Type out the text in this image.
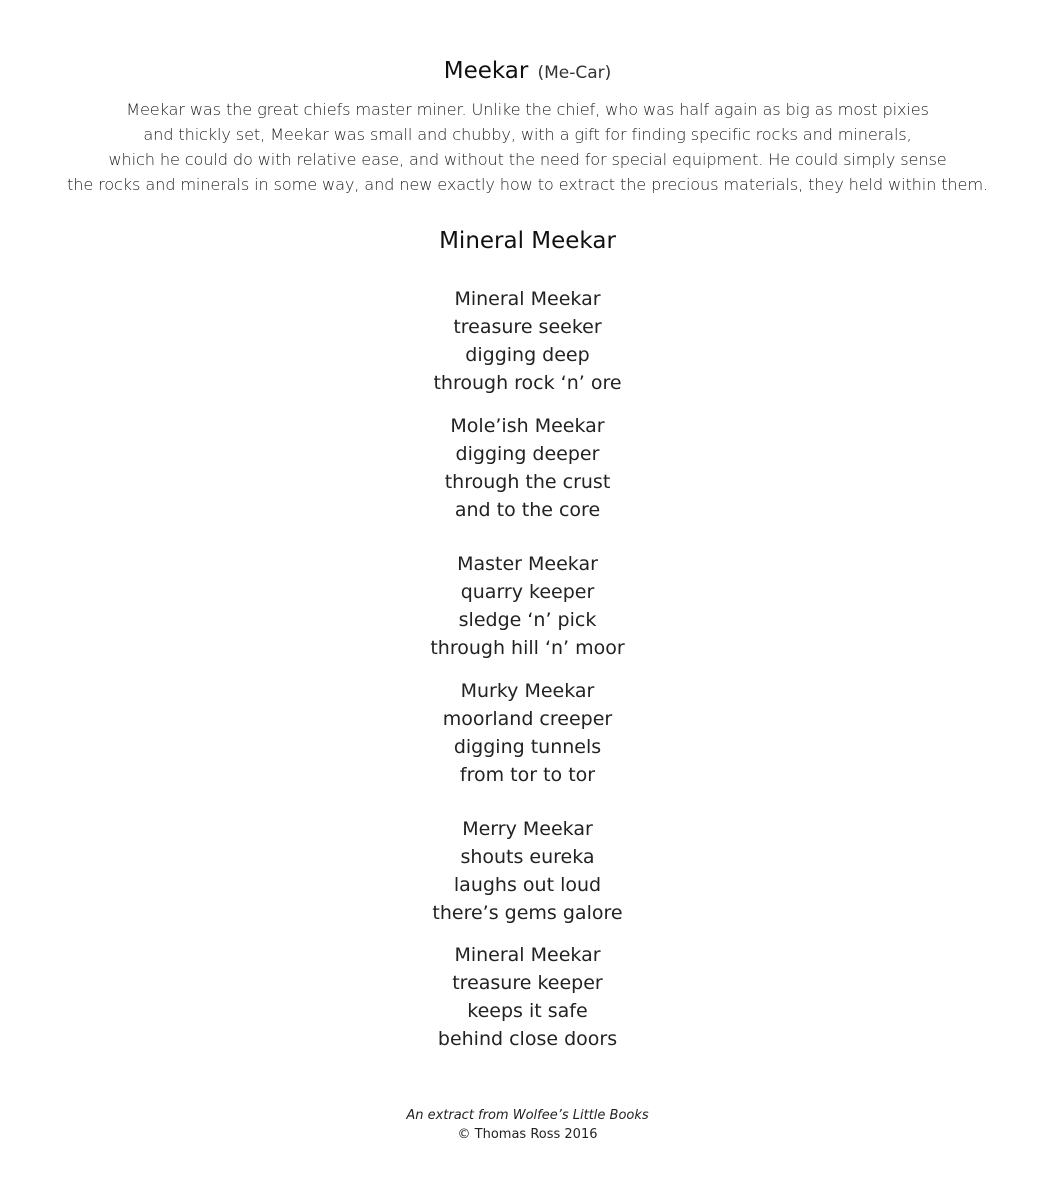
Meekar (Me-Car)
Meekar was the great chiefs master miner. Unlike the chief, who was half again as big as most pixies
and thickly set, Meekar was small and chubby, with a gift for finding specific rocks and minerals,
which he could do with relative ease, and without the need for special equipment. He could simply sense
the rocks and minerals in some way, and new exactly how to extract the precious materials, they held within them.
Mineral Meekar
Mineral Meekar
treasure seeker
digging deep
through rock ‘n’ ore
Mole’ish Meekar
digging deeper
through the crust
and to the core
Master Meekar
quarry keeper
sledge ‘n’ pick
through hill ‘n’ moor
Murky Meekar
moorland creeper
digging tunnels
from tor to tor
Merry Meekar
shouts eureka
laughs out loud
there’s gems galore
Mineral Meekar
treasure keeper
keeps it safe
behind close doors
An extract from Wolfee’s Little Books
© Thomas Ross 2016
